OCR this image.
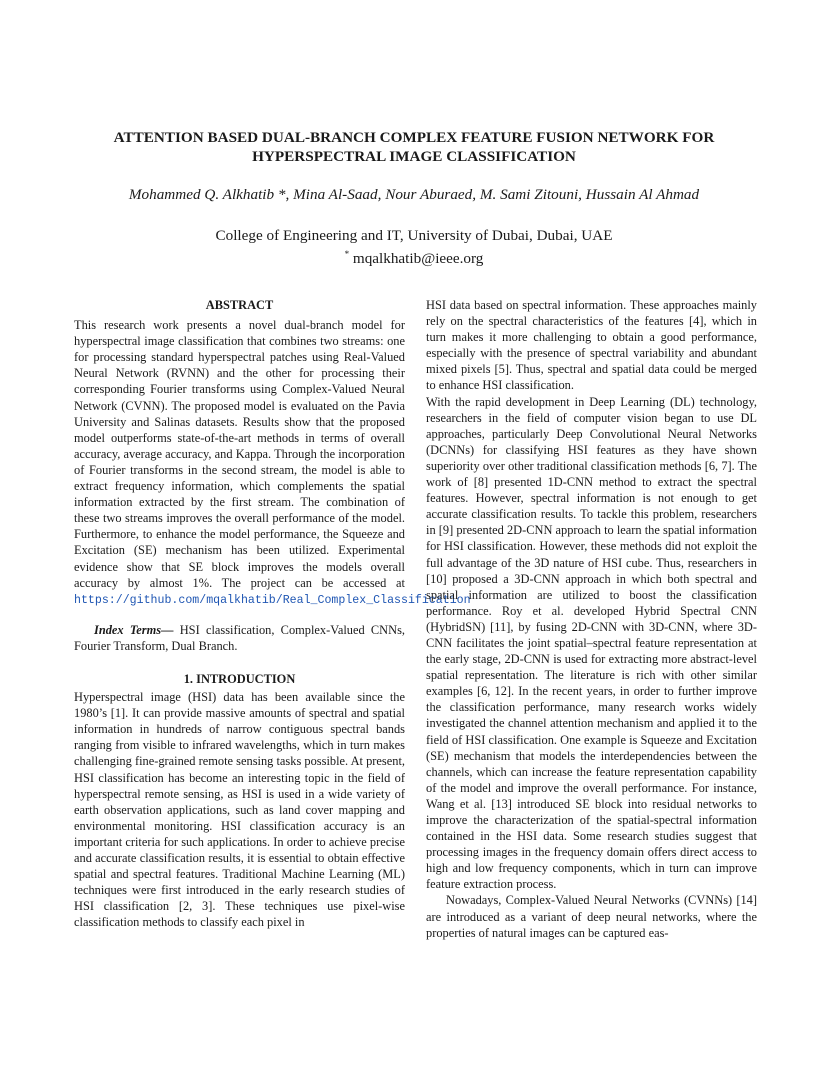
ATTENTION BASED DUAL-BRANCH COMPLEX FEATURE FUSION NETWORK FOR HYPERSPECTRAL IMAGE CLASSIFICATION
Mohammed Q. Alkhatib *, Mina Al-Saad, Nour Aburaed, M. Sami Zitouni, Hussain Al Ahmad
College of Engineering and IT, University of Dubai, Dubai, UAE
* mqalkhatib@ieee.org
ABSTRACT

This research work presents a novel dual-branch model for hyperspectral image classification that combines two streams: one for processing standard hyperspectral patches using Real-Valued Neural Network (RVNN) and the other for processing their corresponding Fourier transforms using Complex-Valued Neural Network (CVNN). The proposed model is evaluated on the Pavia University and Salinas datasets. Results show that the proposed model outperforms state-of-the-art methods in terms of overall accuracy, average accuracy, and Kappa. Through the incorporation of Fourier transforms in the second stream, the model is able to extract frequency information, which complements the spatial information extracted by the first stream. The combination of these two streams improves the overall performance of the model. Furthermore, to enhance the model performance, the Squeeze and Excitation (SE) mechanism has been utilized. Experimental evidence show that SE block improves the models overall accuracy by almost 1%. The project can be accessed at https://github.com/mqalkhatib/Real_Complex_Classification

Index Terms— HSI classification, Complex-Valued CNNs, Fourier Transform, Dual Branch.

1. INTRODUCTION

Hyperspectral image (HSI) data has been available since the 1980’s [1]. It can provide massive amounts of spectral and spatial information in hundreds of narrow contiguous spectral bands ranging from visible to infrared wavelengths, which in turn makes challenging fine-grained remote sensing tasks possible. At present, HSI classification has become an interesting topic in the field of hyperspectral remote sensing, as HSI is used in a wide variety of earth observation applications, such as land cover mapping and environmental monitoring. HSI classification accuracy is an important criteria for such applications. In order to achieve precise and accurate classification results, it is essential to obtain effective spatial and spectral features. Traditional Machine Learning (ML) techniques were first introduced in the early research studies of HSI classification [2, 3]. These techniques use pixel-wise classification methods to classify each pixel in

HSI data based on spectral information. These approaches mainly rely on the spectral characteristics of the features [4], which in turn makes it more challenging to obtain a good performance, especially with the presence of spectral variability and abundant mixed pixels [5]. Thus, spectral and spatial data could be merged to enhance HSI classification.

With the rapid development in Deep Learning (DL) technology, researchers in the field of computer vision began to use DL approaches, particularly Deep Convolutional Neural Networks (DCNNs) for classifying HSI features as they have shown superiority over other traditional classification methods [6, 7]. The work of [8] presented 1D-CNN method to extract the spectral features. However, spectral information is not enough to get accurate classification results. To tackle this problem, researchers in [9] presented 2D-CNN approach to learn the spatial information for HSI classification. However, these methods did not exploit the full advantage of the 3D nature of HSI cube. Thus, researchers in [10] proposed a 3D-CNN approach in which both spectral and spatial information are utilized to boost the classification performance. Roy et al. developed Hybrid Spectral CNN (HybridSN) [11], by fusing 2D-CNN with 3D-CNN, where 3D-CNN facilitates the joint spatial–spectral feature representation at the early stage, 2D-CNN is used for extracting more abstract-level spatial representation. The literature is rich with other similar examples [6, 12]. In the recent years, in order to further improve the classification performance, many research works widely investigated the channel attention mechanism and applied it to the field of HSI classification. One example is Squeeze and Excitation (SE) mechanism that models the interdependencies between the channels, which can increase the feature representation capability of the model and improve the overall performance. For instance, Wang et al. [13] introduced SE block into residual networks to improve the characterization of the spatial-spectral information contained in the HSI data. Some research studies suggest that processing images in the frequency domain offers direct access to high and low frequency components, which in turn can improve feature extraction process.

Nowadays, Complex-Valued Neural Networks (CVNNs) [14] are introduced as a variant of deep neural networks, where the properties of natural images can be captured eas-
